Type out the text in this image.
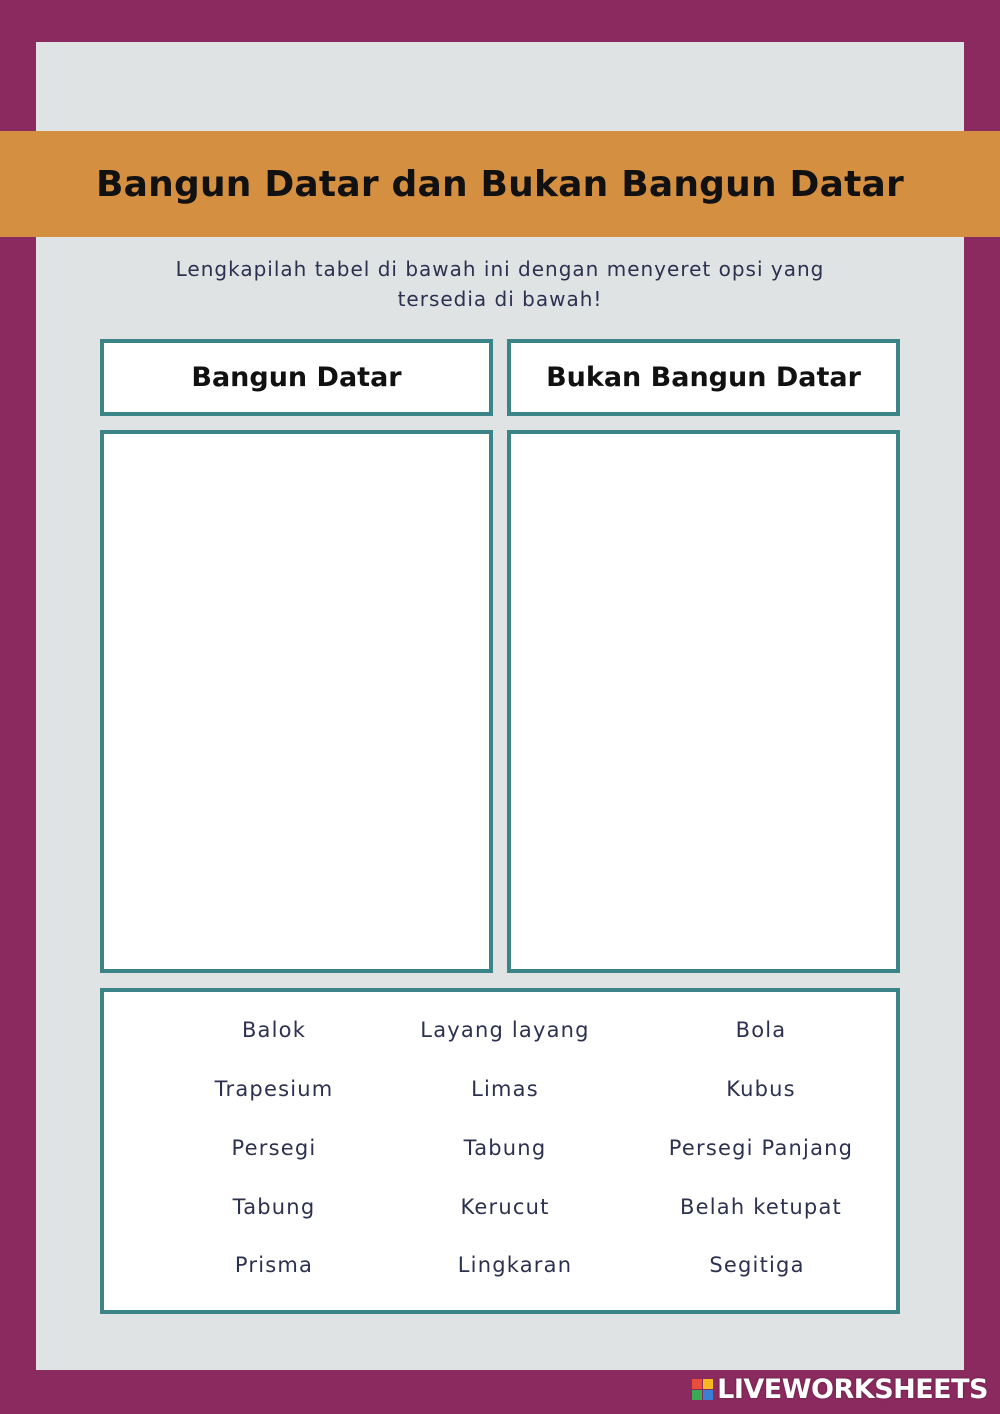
Bangun Datar dan Bukan Bangun Datar
Lengkapilah tabel di bawah ini dengan menyeret opsi yang tersedia di bawah!
Bangun Datar	Bukan Bangun Datar
Balok	Layang layang	Bola
Trapesium	Limas	Kubus
Persegi	Tabung	Persegi Panjang
Tabung	Kerucut	Belah ketupat
Prisma	Lingkaran	Segitiga
LIVEWORKSHEETS
